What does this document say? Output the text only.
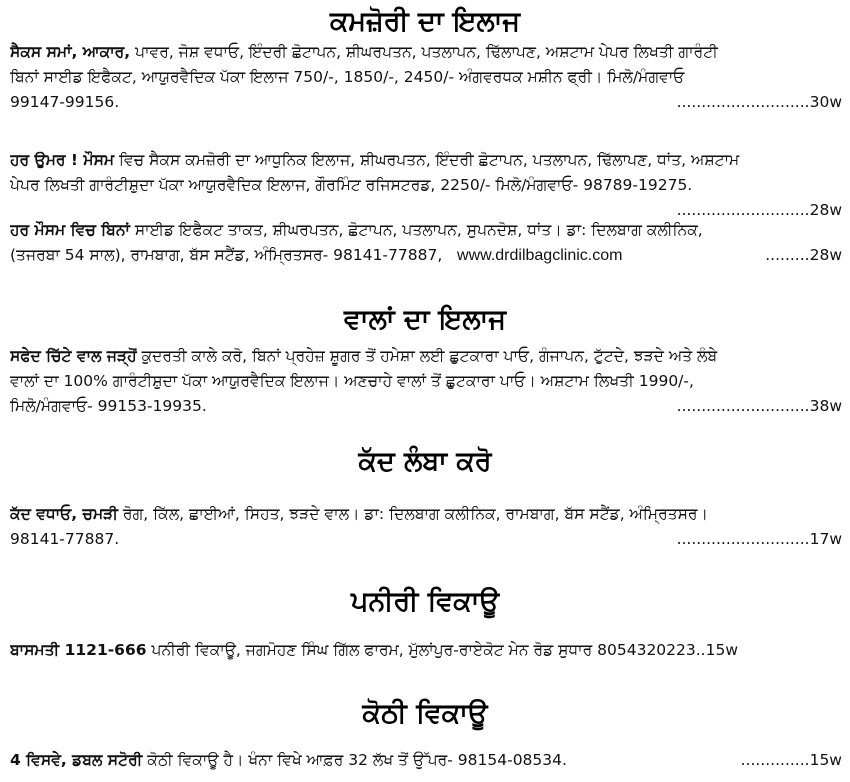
ਕਮਜ਼ੋਰੀ ਦਾ ਇਲਾਜ
ਸੈਕਸ ਸਮਾਂ, ਆਕਾਰ, ਪਾਵਰ, ਜੋਸ਼ ਵਧਾਓ, ਇੰਦਰੀ ਛੋਟਾਪਨ, ਸ਼ੀਘਰਪਤਨ, ਪਤਲਾਪਨ, ਢਿੱਲਾਪਣ, ਅਸ਼ਟਾਮ ਪੇਪਰ ਲਿਖਤੀ ਗਾਰੰਟੀ
ਬਿਨਾਂ ਸਾਈਡ ਇਫੈਕਟ, ਆਯੁਰਵੈਦਿਕ ਪੱਕਾ ਇਲਾਜ 750/-, 1850/-, 2450/- ਅੰਗਵਰਧਕ ਮਸ਼ੀਨ ਫ੍ਰੀ। ਮਿਲੋ/ਮੰਗਵਾਓ
99147-99156.	...........................30w
ਹਰ ਉਮਰ ! ਮੌਸਮ ਵਿਚ ਸੈਕਸ ਕਮਜ਼ੋਰੀ ਦਾ ਆਧੁਨਿਕ ਇਲਾਜ, ਸ਼ੀਘਰਪਤਨ, ਇੰਦਰੀ ਛੋਟਾਪਨ, ਪਤਲਾਪਨ, ਢਿੱਲਾਪਣ, ਧਾਂਤ, ਅਸ਼ਟਾਮ
ਪੇਪਰ ਲਿਖਤੀ ਗਾਰੰਟੀਸ਼ੁਦਾ ਪੱਕਾ ਆਯੁਰਵੈਦਿਕ ਇਲਾਜ, ਗੌਰਮਿੰਟ ਰਜਿਸਟਰਡ, 2250/- ਮਿਲੋ/ਮੰਗਵਾਓ- 98789-19275.
...........................28w
ਹਰ ਮੌਸਮ ਵਿਚ ਬਿਨਾਂ ਸਾਈਡ ਇਫੈਕਟ ਤਾਕਤ, ਸ਼ੀਘਰਪਤਨ, ਛੋਟਾਪਨ, ਪਤਲਾਪਨ, ਸੁਪਨਦੋਸ਼, ਧਾਂਤ। ਡਾ: ਦਿਲਬਾਗ ਕਲੀਨਿਕ,
(ਤਜਰਬਾ 54 ਸਾਲ), ਰਾਮਬਾਗ, ਬੱਸ ਸਟੈਂਡ, ਅੰਮ੍ਰਿਤਸਰ- 98141-77887, www.drdilbagclinic.com	.........28w
ਵਾਲਾਂ ਦਾ ਇਲਾਜ
ਸਫੇਦ ਚਿੱਟੇ ਵਾਲ ਜੜ੍ਹੋਂ ਕੁਦਰਤੀ ਕਾਲੇ ਕਰੋ, ਬਿਨਾਂ ਪ੍ਰਹੇਜ਼ ਸ਼ੂਗਰ ਤੋਂ ਹਮੇਸ਼ਾ ਲਈ ਛੁਟਕਾਰਾ ਪਾਓ, ਗੰਜਾਪਨ, ਟੁੱਟਦੇ, ਝੜਦੇ ਅਤੇ ਲੰਬੇ
ਵਾਲਾਂ ਦਾ 100% ਗਾਰੰਟੀਸ਼ੁਦਾ ਪੱਕਾ ਆਯੁਰਵੈਦਿਕ ਇਲਾਜ। ਅਣਚਾਹੇ ਵਾਲਾਂ ਤੋਂ ਛੁਟਕਾਰਾ ਪਾਓ। ਅਸ਼ਟਾਮ ਲਿਖਤੀ 1990/-,
ਮਿਲੋ/ਮੰਗਵਾਓ- 99153-19935.	...........................38w
ਕੱਦ ਲੰਬਾ ਕਰੋ
ਕੱਦ ਵਧਾਓ, ਚਮੜੀ ਰੋਗ, ਕਿੱਲ, ਛਾਈਆਂ, ਸਿਹਤ, ਝੜਦੇ ਵਾਲ। ਡਾ: ਦਿਲਬਾਗ ਕਲੀਨਿਕ, ਰਾਮਬਾਗ, ਬੱਸ ਸਟੈਂਡ, ਅੰਮ੍ਰਿਤਸਰ।
98141-77887.	...........................17w
ਪਨੀਰੀ ਵਿਕਾਊ
ਬਾਸਮਤੀ 1121-666 ਪਨੀਰੀ ਵਿਕਾਊ, ਜਗਮੋਹਣ ਸਿੰਘ ਗਿੱਲ ਫਾਰਮ, ਮੁੱਲਾਂਪੁਰ-ਰਾਏਕੋਟ ਮੇਨ ਰੋਡ ਸੁਧਾਰ 8054320223..15w
ਕੋਠੀ ਵਿਕਾਊ
4 ਵਿਸਵੇ, ਡਬਲ ਸਟੋਰੀ ਕੋਠੀ ਵਿਕਾਊ ਹੈ। ਖੰਨਾ ਵਿਖੇ ਆਫ਼ਰ 32 ਲੱਖ ਤੋਂ ਉੱਪਰ- 98154-08534.	..............15w
